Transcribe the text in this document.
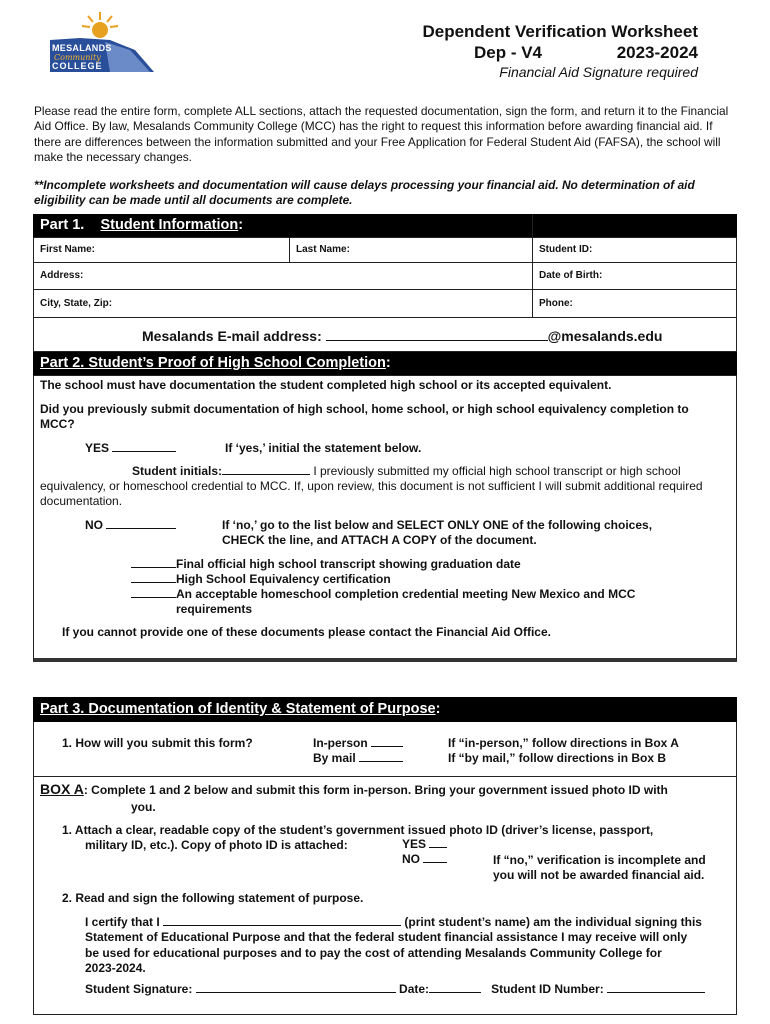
MESALANDS
Community
COLLEGE
Dependent Verification Worksheet
Dep - V4	2023-2024
Financial Aid Signature required
Please read the entire form, complete ALL sections, attach the requested documentation, sign the form, and return it to the Financial Aid Office. By law, Mesalands Community College (MCC) has the right to request this information before awarding financial aid. If there are differences between the information submitted and your Free Application for Federal Student Aid (FAFSA), the school will make the necessary changes.
**Incomplete worksheets and documentation will cause delays processing your financial aid. No determination of aid eligibility can be made until all documents are complete.
Part 1. Student Information:
First Name:	Last Name:	Student ID:
Address:	Date of Birth:
City, State, Zip:	Phone:
Mesalands E-mail address:	@mesalands.edu
Part 2. Student’s Proof of High School Completion:
The school must have documentation the student completed high school or its accepted equivalent.
Did you previously submit documentation of high school, home school, or high school equivalency completion to MCC?
YES	If ‘yes,’ initial the statement below.
Student initials:	I previously submitted my official high school transcript or high school equivalency, or homeschool credential to MCC. If, upon review, this document is not sufficient I will submit additional required documentation.
NO	If ‘no,’ go to the list below and SELECT ONLY ONE of the following choices,
CHECK the line, and ATTACH A COPY of the document.
Final official high school transcript showing graduation date
High School Equivalency certification
An acceptable homeschool completion credential meeting New Mexico and MCC
requirements
If you cannot provide one of these documents please contact the Financial Aid Office.
Part 3. Documentation of Identity & Statement of Purpose:
1. How will you submit this form?	In-person
By mail
If “in-person,” follow directions in Box A
If “by mail,” follow directions in Box B
BOX A: Complete 1 and 2 below and submit this form in-person. Bring your government issued photo ID with
you.
1. Attach a clear, readable copy of the student’s government issued photo ID (driver’s license, passport,
military ID, etc.). Copy of photo ID is attached:	YES
NO	If “no,” verification is incomplete and
you will not be awarded financial aid.
2. Read and sign the following statement of purpose.
I certify that I	(print student’s name) am the individual signing this
Statement of Educational Purpose and that the federal student financial assistance I may receive will only
be used for educational purposes and to pay the cost of attending Mesalands Community College for
2023-2024.
Student Signature:	Date:	Student ID Number:
